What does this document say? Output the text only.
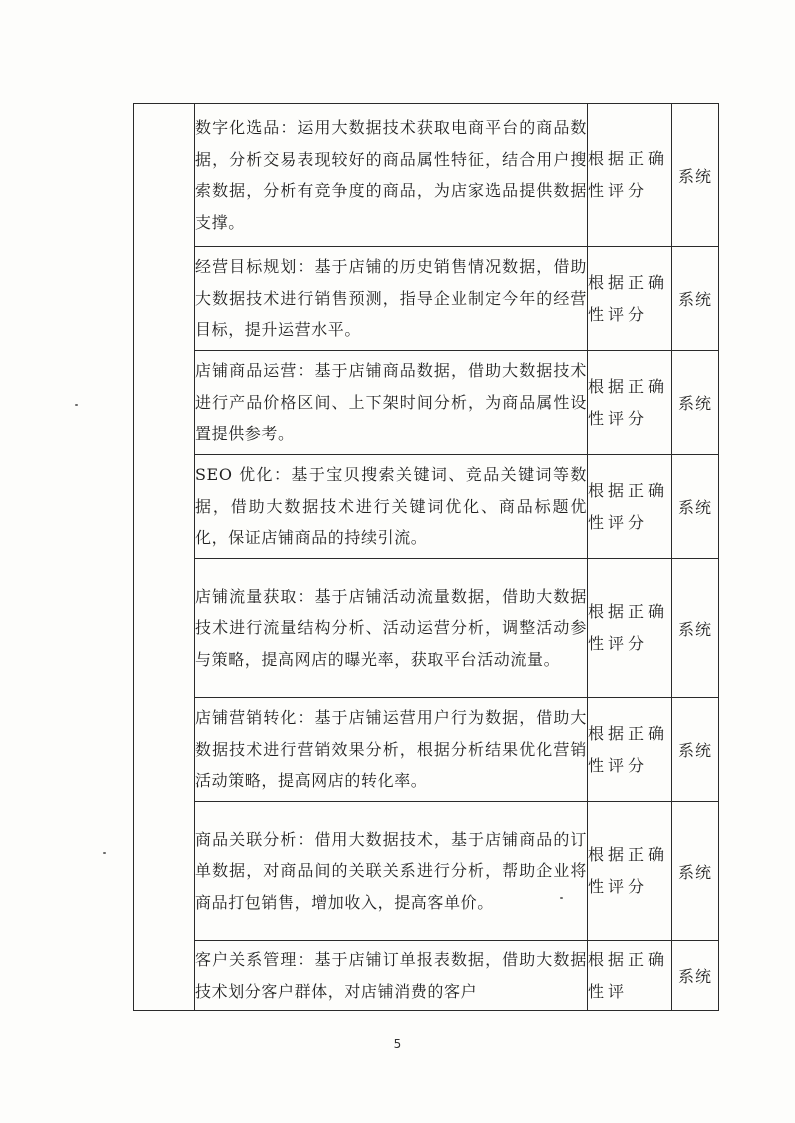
	数字化选品：运用大数据技术获取电商平台的商品数据，分析交易表现较好的商品属性特征，结合用户搜索数据，分析有竞争度的商品，为店家选品提供数据支撑。	根据正确性评分	系统
	经营目标规划：基于店铺的历史销售情况数据，借助大数据技术进行销售预测，指导企业制定今年的经营目标，提升运营水平。	根据正确性评分	系统
	店铺商品运营：基于店铺商品数据，借助大数据技术进行产品价格区间、上下架时间分析，为商品属性设置提供参考。	根据正确性评分	系统
	SEO 优化：基于宝贝搜索关键词、竞品关键词等数据，借助大数据技术进行关键词优化、商品标题优化，保证店铺商品的持续引流。	根据正确性评分	系统
	店铺流量获取：基于店铺活动流量数据，借助大数据技术进行流量结构分析、活动运营分析，调整活动参与策略，提高网店的曝光率，获取平台活动流量。	根据正确性评分	系统
	店铺营销转化：基于店铺运营用户行为数据，借助大数据技术进行营销效果分析，根据分析结果优化营销活动策略，提高网店的转化率。	根据正确性评分	系统
	商品关联分析：借用大数据技术，基于店铺商品的订单数据，对商品间的关联关系进行分析，帮助企业将商品打包销售，增加收入，提高客单价。	根据正确性评分	系统
	客户关系管理：基于店铺订单报表数据，借助大数据技术划分客户群体，对店铺消费的客户	根据正确性评	系统
5
